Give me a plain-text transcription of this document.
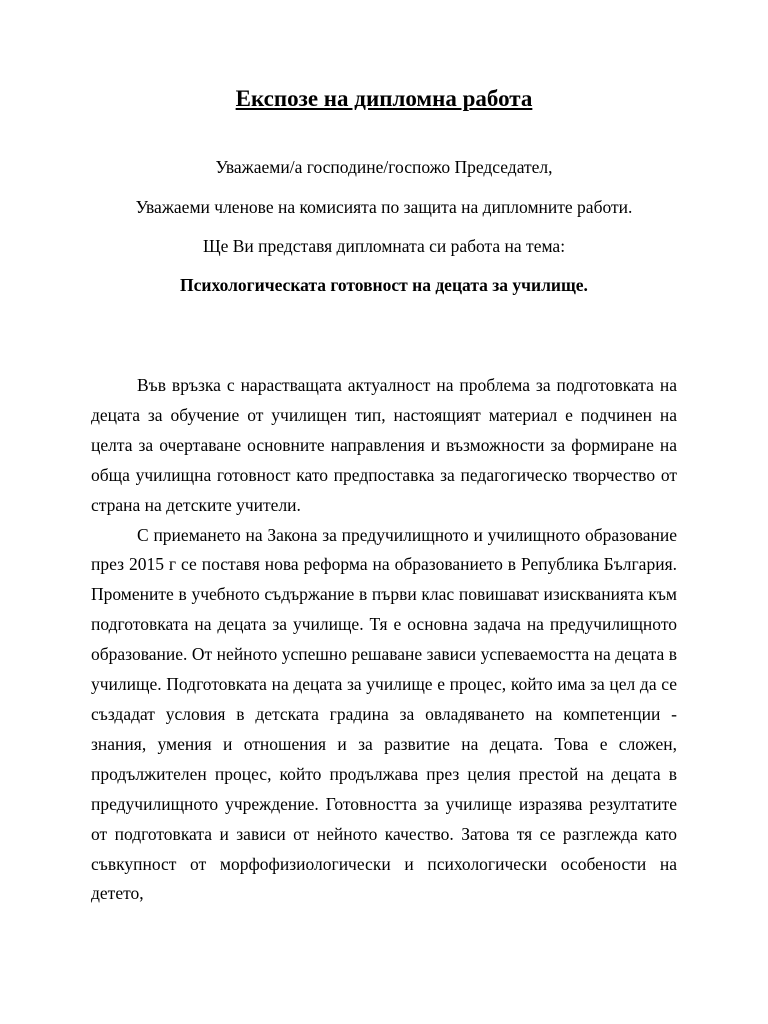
Експозе на дипломна работа

Уважаеми/а господине/госпожо Председател,

Уважаеми членове на комисията по защита на дипломните работи.

Ще Ви представя дипломната си работа на тема:

Психологическата готовност на децата за училище.

Във връзка с нарастващата актуалност на проблема за подготовката на децата за обучение от училищен тип, настоящият материал е подчинен на целта за очертаване основните направления и възможности за формиране на обща училищна готовност като предпоставка за педагогическо творчество от страна на детските учители.

С приемането на Закона за предучилищното и училищното образование през 2015 г се поставя нова реформа на образованието в Република България. Промените в учебното съдържание в първи клас повишават изискванията към подготовката на децата за училище. Тя е основна задача на предучилищното образование. От нейното успешно решаване зависи успеваемостта на децата в училище. Подготовката на децата за училище е процес, който има за цел да се създадат условия в детската градина за овладяването на компетенции - знания, умения и отношения и за развитие на децата. Това е сложен, продължителен процес, който продължава през целия престой на децата в предучилищното учреждение. Готовността за училище изразява резултатите от подготовката и зависи от нейното качество. Затова тя се разглежда като съвкупност от морфофизиологически и психологически особености на детето,
